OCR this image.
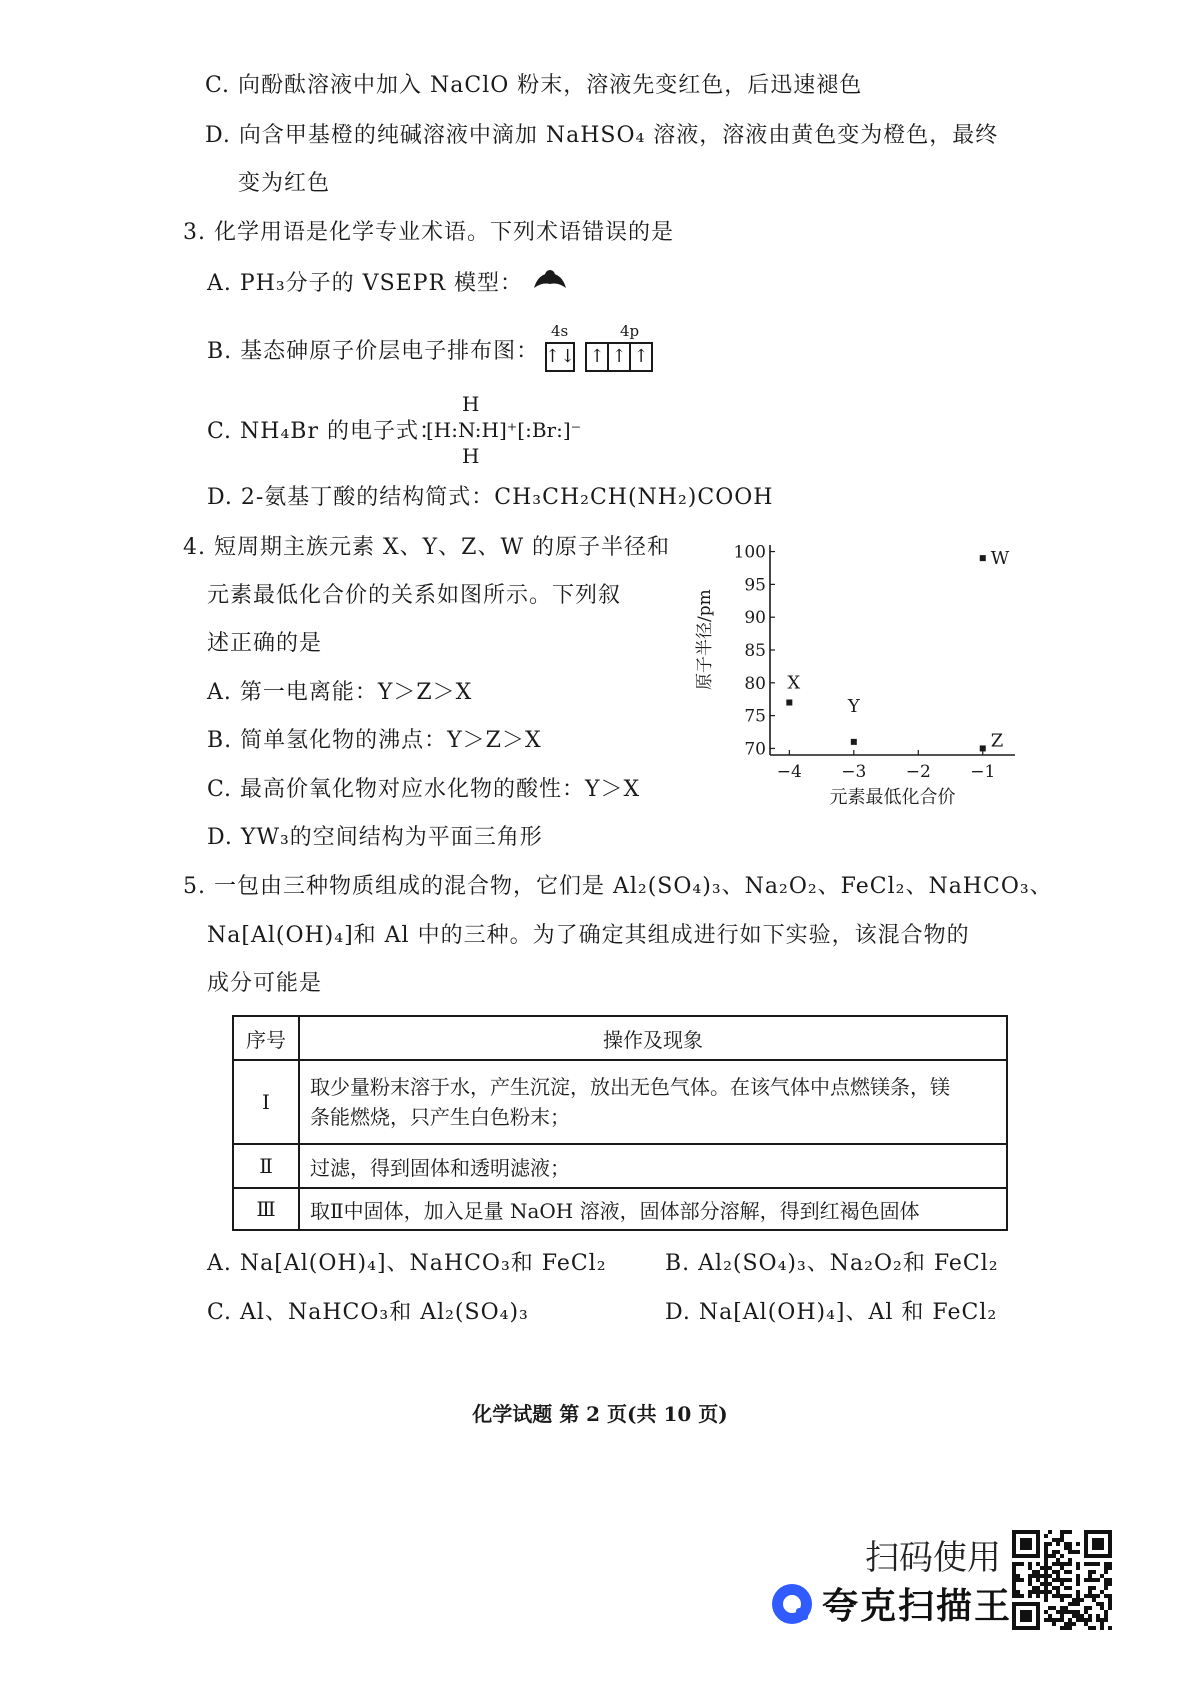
C. 向酚酞溶液中加入 NaClO 粉末，溶液先变红色，后迅速褪色
D. 向含甲基橙的纯碱溶液中滴加 NaHSO₄ 溶液，溶液由黄色变为橙色，最终
变为红色
3. 化学用语是化学专业术语。下列术语错误的是
A. PH₃分子的 VSEPR 模型：
B. 基态砷原子价层电子排布图：
4s	4p
↑↓ ↑ ↑ ↑
C. NH₄Br 的电子式：
H
[H:N:H]⁺[:Br:]⁻
H
D. 2-氨基丁酸的结构简式：CH₃CH₂CH(NH₂)COOH
4. 短周期主族元素 X、Y、Z、W 的原子半径和
元素最低化合价的关系如图所示。下列叙
述正确的是
A. 第一电离能：Y＞Z＞X
B. 简单氢化物的沸点：Y＞Z＞X
C. 最高价氧化物对应水化物的酸性：Y＞X
D. YW₃的空间结构为平面三角形
70
75
80
85
90
95
100
−4 −3 −2 −1
X
Y
Z
W
原子半径/pm
元素最低化合价
5. 一包由三种物质组成的混合物，它们是 Al₂(SO₄)₃、Na₂O₂、FeCl₂、NaHCO₃、
Na[Al(OH)₄]和 Al 中的三种。为了确定其组成进行如下实验，该混合物的
成分可能是
序号	操作及现象
Ⅰ	取少量粉末溶于水，产生沉淀，放出无色气体。在该气体中点燃镁条，镁
条能燃烧，只产生白色粉末；

Ⅱ	过滤，得到固体和透明滤液；
Ⅲ	取Ⅱ中固体，加入足量 NaOH 溶液，固体部分溶解，得到红褐色固体
A. Na[Al(OH)₄]、NaHCO₃和 FeCl₂	B. Al₂(SO₄)₃、Na₂O₂和 FeCl₂
C. Al、NaHCO₃和 Al₂(SO₄)₃	D. Na[Al(OH)₄]、Al 和 FeCl₂
化学试题 第 2 页(共 10 页)
扫码使用
夸克扫描王
